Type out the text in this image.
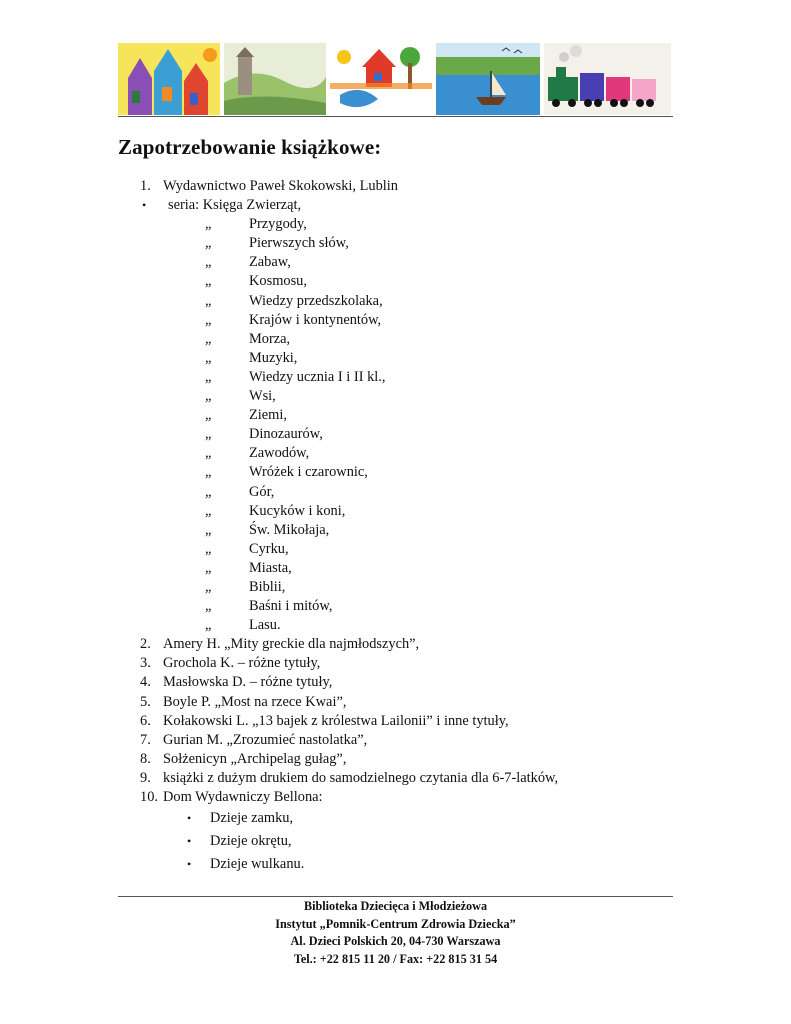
Zapotrzebowanie książkowe:
1. Wydawnictwo Paweł Skokowski, Lublin
• seria: Księga Zwierząt,
„	Przygody,
„	Pierwszych słów,
„	Zabaw,
„	Kosmosu,
„	Wiedzy przedszkolaka,
„	Krajów i kontynentów,
„	Morza,
„	Muzyki,
„	Wiedzy ucznia I i II kl.,
„	Wsi,
„	Ziemi,
„	Dinozaurów,
„	Zawodów,
„	Wróżek i czarownic,
„	Gór,
„	Kucyków i koni,
„	Św. Mikołaja,
„	Cyrku,
„	Miasta,
„	Biblii,
„	Baśni i mitów,
„	Lasu.
2. Amery H. „Mity greckie dla najmłodszych”,
3. Grochola K. – różne tytuły,
4. Masłowska D. – różne tytuły,
5. Boyle P. „Most na rzece Kwai”,
6. Kołakowski L. „13 bajek z królestwa Lailonii” i inne tytuły,
7. Gurian M. „Zrozumieć nastolatka”,
8. Sołżenicyn „Archipelag gułag”,
9. książki z dużym drukiem do samodzielnego czytania dla 6-7-latków,
10. Dom Wydawniczy Bellona:
• Dzieje zamku,
• Dzieje okrętu,
• Dzieje wulkanu.
Biblioteka Dziecięca i Młodzieżowa
Instytut „Pomnik-Centrum Zdrowia Dziecka”
Al. Dzieci Polskich 20, 04-730 Warszawa
Tel.: +22 815 11 20 / Fax: +22 815 31 54
